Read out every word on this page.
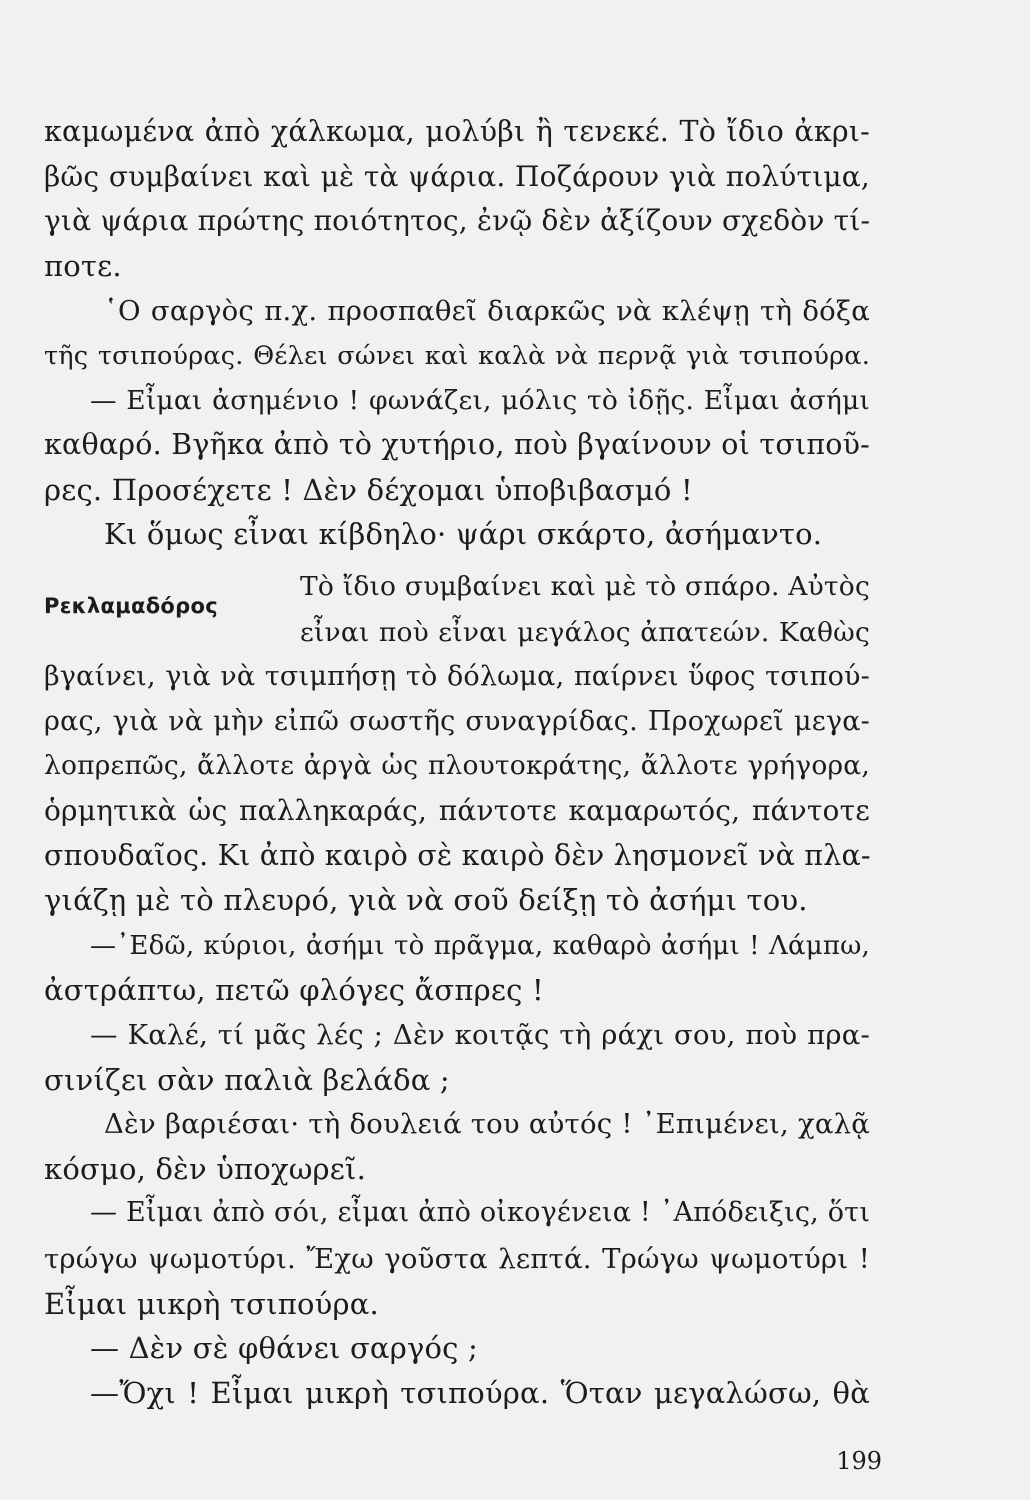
καμωμένα ἀπὸ χάλκωμα, μολύβι ἢ τενεκέ. Τὸ ἴδιο ἀκρι-
βῶς συμβαίνει καὶ μὲ τὰ ψάρια. Ποζάρουν γιὰ πολύτιμα,
γιὰ ψάρια πρώτης ποιότητος, ἐνῷ δὲν ἀξίζουν σχεδὸν τί-
ποτε.
῾Ο σαργὸς π.χ. προσπαθεῖ διαρκῶς νὰ κλέψῃ τὴ δόξα
τῆς τσιπούρας. Θέλει σώνει καὶ καλὰ νὰ περνᾷ γιὰ τσιπούρα.
— Εἶμαι ἀσημένιο ! φωνάζει, μόλις τὸ ἰδῇς. Εἶμαι ἀσήμι
καθαρό. Βγῆκα ἀπὸ τὸ χυτήριο, ποὺ βγαίνουν οἱ τσιποῦ-
ρες. Προσέχετε ! Δὲν δέχομαι ὑποβιβασμό !
Κι ὅμως εἶναι κίβδηλο· ψάρι σκάρτο, ἀσήμαντο.
Ρεκλαμαδόρος
Τὸ ἴδιο συμβαίνει καὶ μὲ τὸ σπάρο. Αὐτὸς
εἶναι ποὺ εἶναι μεγάλος ἀπατεών. Καθὼς
βγαίνει, γιὰ νὰ τσιμπήσῃ τὸ δόλωμα, παίρνει ὕφος τσιπού-
ρας, γιὰ νὰ μὴν εἰπῶ σωστῆς συναγρίδας. Προχωρεῖ μεγα-
λοπρεπῶς, ἄλλοτε ἀργὰ ὡς πλουτοκράτης, ἄλλοτε γρήγορα,
ὁρμητικὰ ὡς παλληκαράς, πάντοτε καμαρωτός, πάντοτε
σπουδαῖος. Κι ἀπὸ καιρὸ σὲ καιρὸ δὲν λησμονεῖ νὰ πλα-
γιάζῃ μὲ τὸ πλευρό, γιὰ νὰ σοῦ δείξῃ τὸ ἀσήμι του.
—᾿Εδῶ, κύριοι, ἀσήμι τὸ πρᾶγμα, καθαρὸ ἀσήμι ! Λάμπω,
ἀστράπτω, πετῶ φλόγες ἄσπρες !
— Καλέ, τί μᾶς λές ; Δὲν κοιτᾷς τὴ ράχι σου, ποὺ πρα-
σινίζει σὰν παλιὰ βελάδα ;
Δὲν βαριέσαι· τὴ δουλειά του αὐτός ! ᾿Επιμένει, χαλᾷ
κόσμο, δὲν ὑποχωρεῖ.
— Εἶμαι ἀπὸ σόι, εἶμαι ἀπὸ οἰκογένεια ! ᾿Απόδειξις, ὅτι
τρώγω ψωμοτύρι. Ἔχω γοῦστα λεπτά. Τρώγω ψωμοτύρι !
Εἶμαι μικρὴ τσιπούρα.
— Δὲν σὲ φθάνει σαργός ;
—Ὄχι ! Εἶμαι μικρὴ τσιπούρα. Ὅταν μεγαλώσω, θὰ
199
